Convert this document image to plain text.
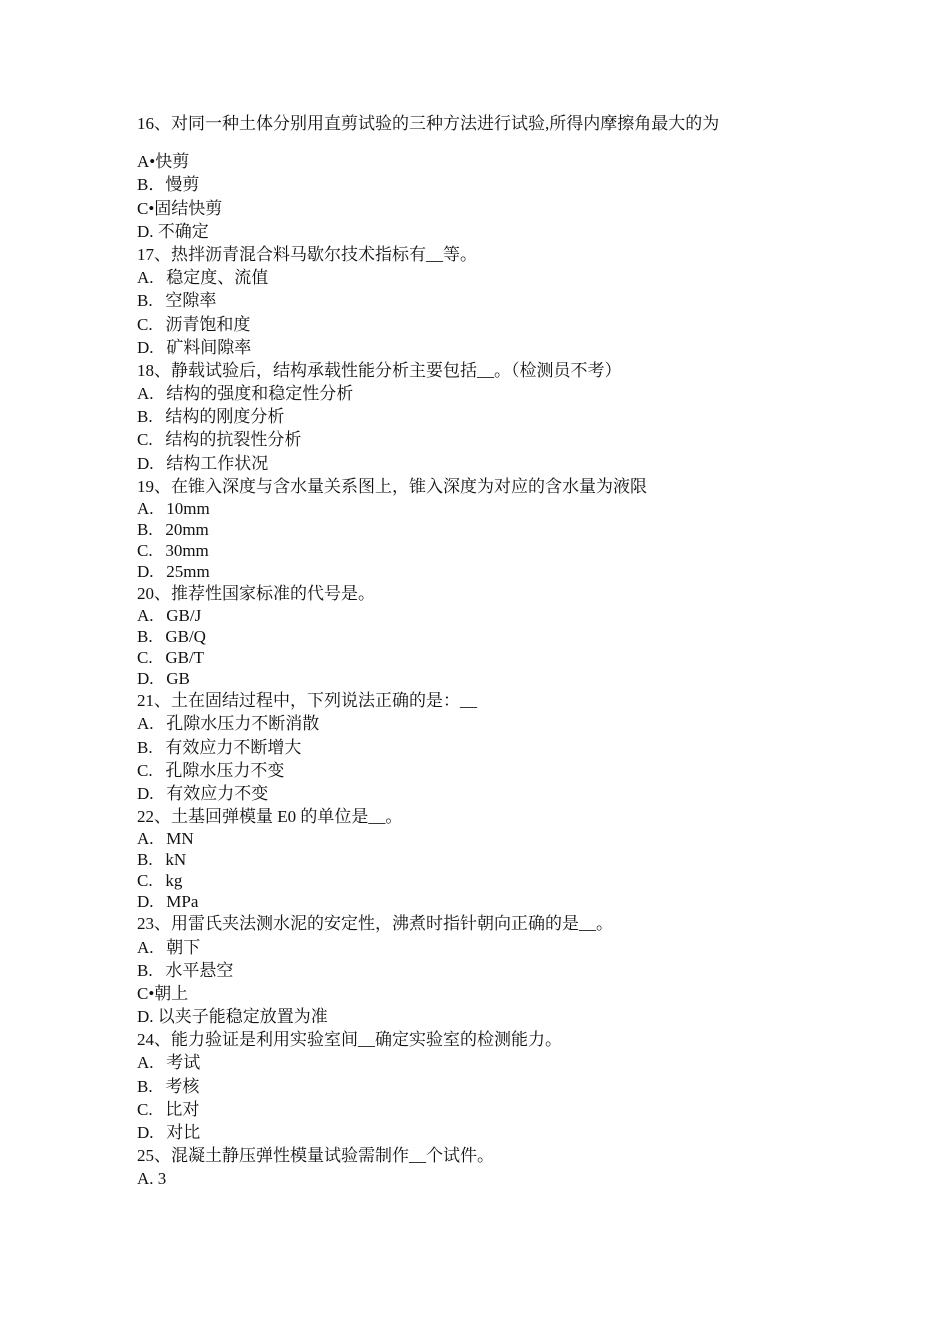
16、对同一种土体分别用直剪试验的三种方法进行试验,所得内摩擦角最大的为
A•快剪
B．慢剪
C•固结快剪
D. 不确定
17、热拌沥青混合料马歇尔技术指标有__等。
A.   稳定度、流值
B.   空隙率
C.   沥青饱和度
D.   矿料间隙率
18、静载试验后，结构承载性能分析主要包括__。（检测员不考）
A.   结构的强度和稳定性分析
B.   结构的刚度分析
C.   结构的抗裂性分析
D.   结构工作状况
19、在锥入深度与含水量关系图上，锥入深度为对应的含水量为液限
A.   10mm
B.   20mm
C.   30mm
D.   25mm
20、推荐性国家标准的代号是。
A.   GB/J
B.   GB/Q
C.   GB/T
D.   GB
21、土在固结过程中，下列说法正确的是：__
A.   孔隙水压力不断消散
B.   有效应力不断增大
C.   孔隙水压力不变
D.   有效应力不变
22、土基回弹模量 E0 的单位是__。
A.   MN
B.   kN
C.   kg
D.   MPa
23、用雷氏夹法测水泥的安定性，沸煮时指针朝向正确的是__。
A.   朝下
B.   水平悬空
C•朝上
D. 以夹子能稳定放置为准
24、能力验证是利用实验室间__确定实验室的检测能力。
A.   考试
B.   考核
C.   比对
D.   对比
25、混凝土静压弹性模量试验需制作__个试件。
A. 3
